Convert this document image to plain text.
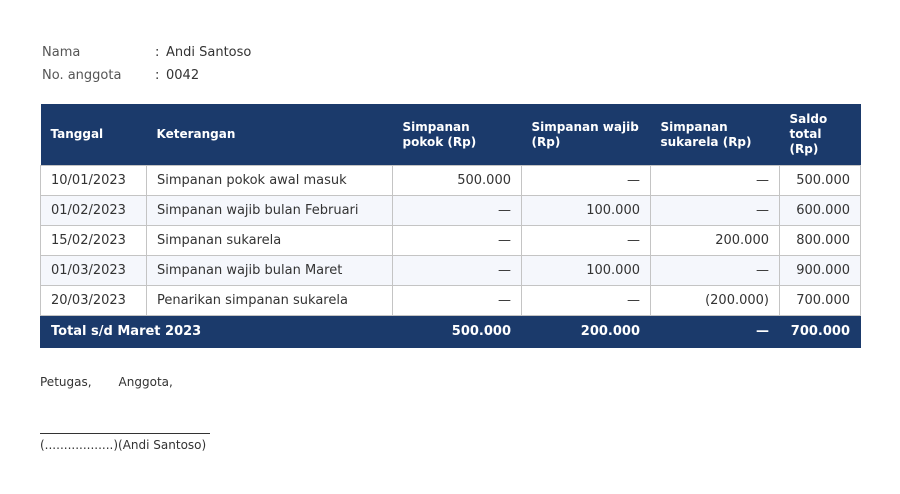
Nama	: Andi Santoso
No. anggota	: 0042
Tanggal	Keterangan	Simpanan pokok (Rp)	Simpanan wajib (Rp)	Simpanan sukarela (Rp)	Saldo total (Rp)
10/01/2023	Simpanan pokok awal masuk	500.000	—	—	500.000
01/02/2023	Simpanan wajib bulan Februari	—	100.000	—	600.000
15/02/2023	Simpanan sukarela	—	—	200.000	800.000
01/03/2023	Simpanan wajib bulan Maret	—	100.000	—	900.000
20/03/2023	Penarikan simpanan sukarela	—	—	(200.000)	700.000
Total s/d Maret 2023		500.000	200.000	—	700.000
Petugas, Anggota,
(..................)(Andi Santoso)
